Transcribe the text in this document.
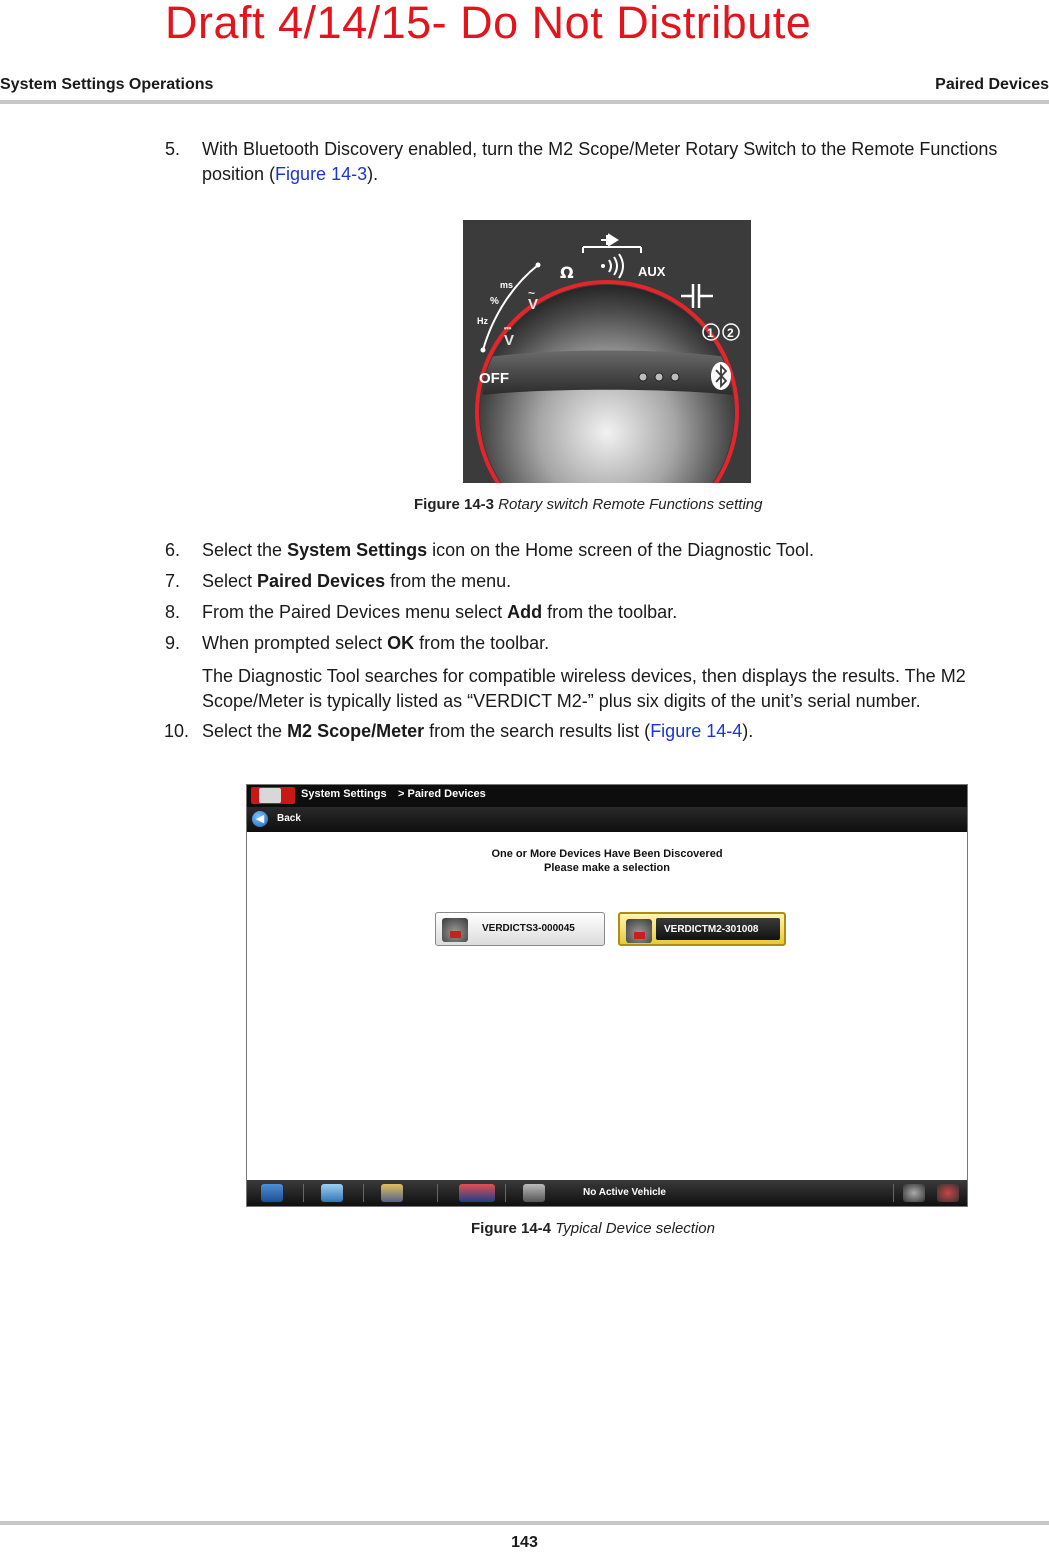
Draft 4/14/15- Do Not Distribute
System Settings Operations	Paired Devices
5. With Bluetooth Discovery enabled, turn the M2 Scope/Meter Rotary Switch to the Remote Functions position (Figure 14-3).
ms
%
Hz
~
V
⎓
V
Ω	AUX
1 2
OFF
Figure 14-3 Rotary switch Remote Functions setting
6. Select the System Settings icon on the Home screen of the Diagnostic Tool.
7. Select Paired Devices from the menu.
8. From the Paired Devices menu select Add from the toolbar.
9. When prompted select OK from the toolbar.
The Diagnostic Tool searches for compatible wireless devices, then displays the results. The M2 Scope/Meter is typically listed as “VERDICT M2-” plus six digits of the unit’s serial number.
10. Select the M2 Scope/Meter from the search results list (Figure 14-4).
System Settings > Paired Devices
◀	Back
One or More Devices Have Been Discovered
Please make a selection
VERDICTS3-000045	VERDICTM2-301008
No Active Vehicle
Figure 14-4 Typical Device selection
143
